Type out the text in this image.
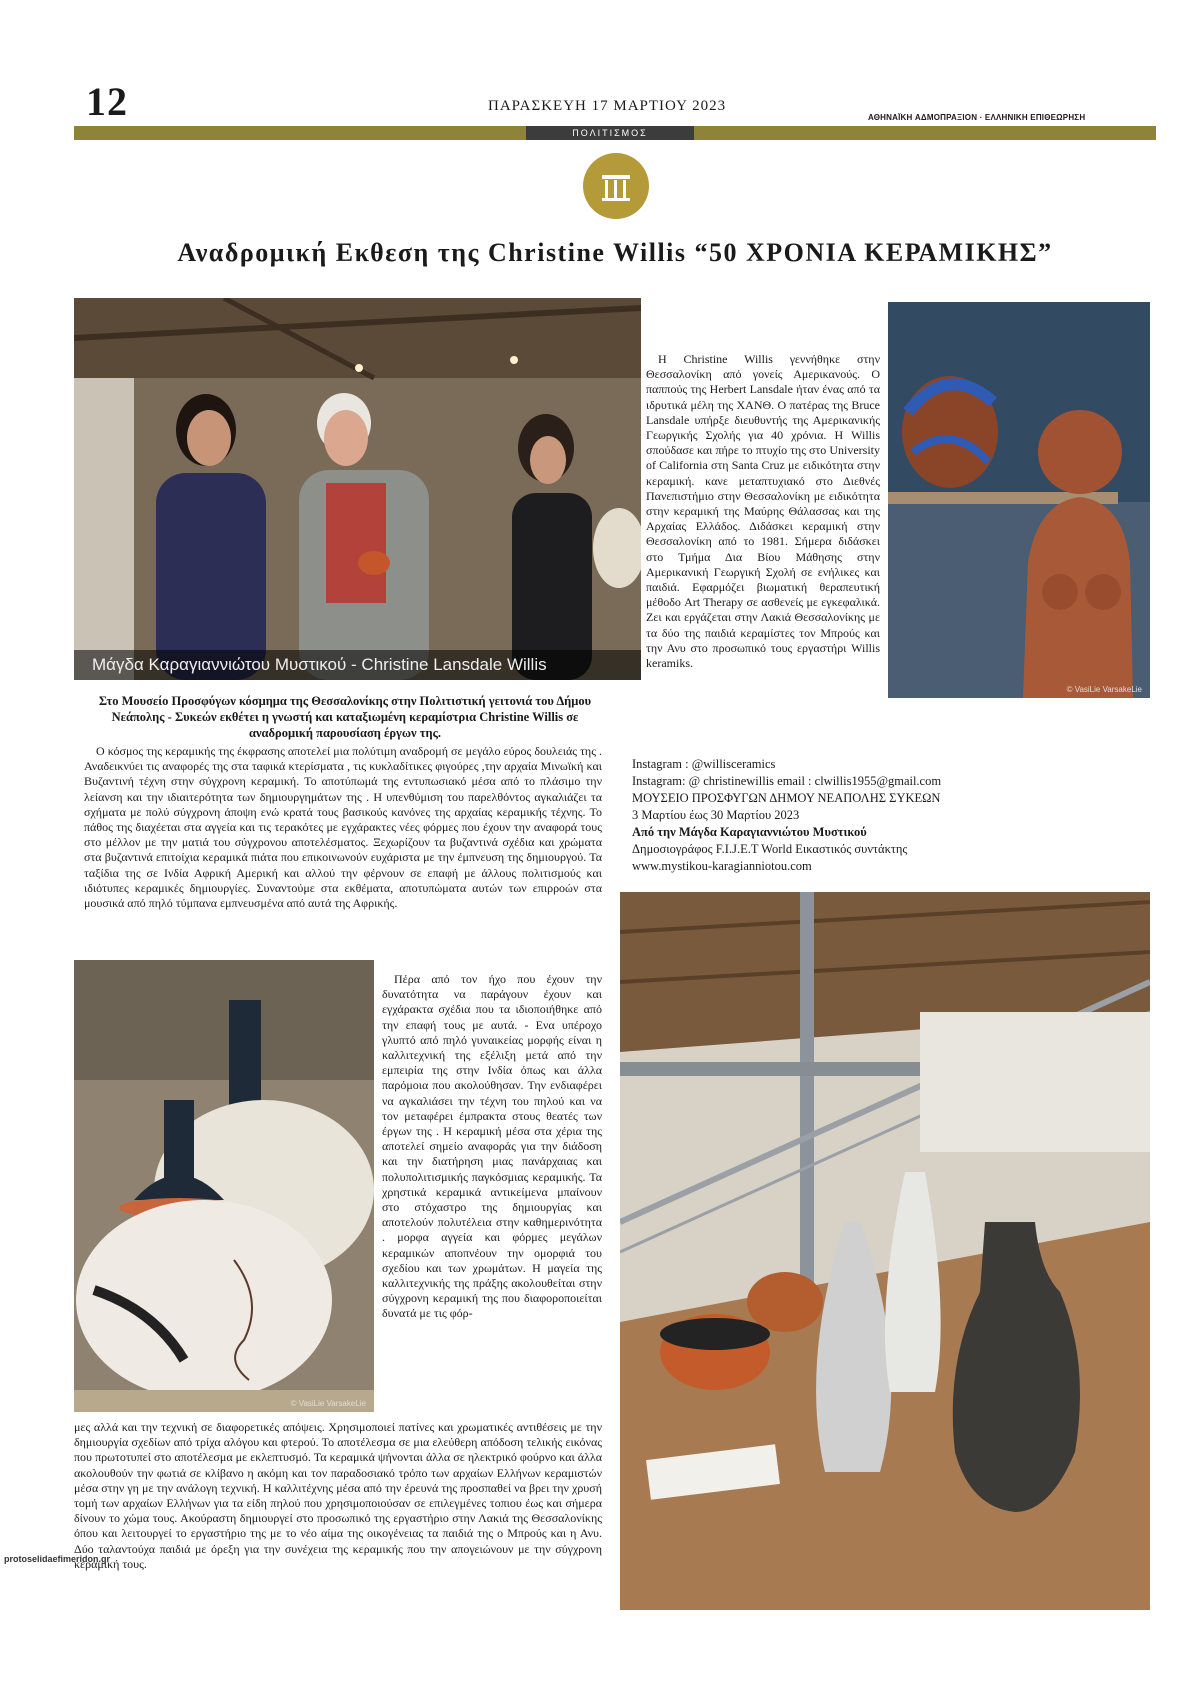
12	ΠΑΡΑΣΚΕΥΗ 17 ΜΑΡΤΙΟΥ 2023
ΑΘΗΝΑΪΚΗ ΑΔΜΟΠΡΑΞΙΟΝ · ΕΛΛΗΝΙΚΗ ΕΠΙΘΕΩΡΗΣΗ
ΠΟΛΙΤΙΣΜΟΣ
Αναδρομική Εκθεση της Christine Willis “50 ΧΡΟΝΙΑ ΚΕΡΑΜΙΚΗΣ”
Μάγδα Καραγιαννιώτου Μυστικού - Christine Lansdale Willis
© VasiLie VarsakeLie
© VasiLie VarsakeLie
Στο Μουσείο Προσφύγων κόσμημα της Θεσσαλονίκης στην Πολιτιστική γειτονιά του Δήμου Νεάπολης - Συκεών εκθέτει η γνωστή και καταξιωμένη κεραμίστρια Christine Willis σε αναδρομική παρουσίαση έργων της.
Ο κόσμος της κεραμικής της έκφρασης αποτελεί μια πολύτιμη αναδρομή σε μεγάλο εύρος δουλειάς της . Αναδεικνύει τις αναφορές της στα ταφικά κτερίσματα , τις κυκλαδίτικες φιγούρες ,την αρχαία Μινωϊκή και Βυζαντινή τέχνη στην σύγχρονη κεραμική. Το αποτύπωμά της εντυπωσιακό μέσα από το πλάσιμο την λείανση και την ιδιαιτερότητα των δημιουργημάτων της . Η υπενθύμιση του παρελθόντος αγκαλιάζει τα σχήματα με πολύ σύγχρονη άποψη ενώ κρατά τους βασικούς κανόνες της αρχαίας κεραμικής τέχνης. Το πάθος της διαχέεται στα αγγεία και τις τερακότες με εγχάρακτες νέες φόρμες που έχουν την αναφορά τους στο μέλλον με την ματιά του σύγχρονου αποτελέσματος. Ξεχωρίζουν τα βυζαντινά σχέδια και χρώματα στα βυζαντινά επιτοίχια κεραμικά πιάτα που επικοινωνούν ευχάριστα με την έμπνευση της δημιουργού. Τα ταξίδια της σε Ινδία Αφρική Αμερική και αλλού την φέρνουν σε επαφή με άλλους πολιτισμούς και ιδιότυπες κεραμικές δημιουργίες. Συναντούμε στα εκθέματα, αποτυπώματα αυτών των επιρροών στα μουσικά από πηλό τύμπανα εμπνευσμένα από αυτά της Αφρικής.
Πέρα από τον ήχο που έχουν την δυνατότητα να παράγουν έχουν και εγχάρακτα σχέδια που τα ιδιοποιήθηκε από την επαφή τους με αυτά. - Ενα υπέροχο γλυπτό από πηλό γυναικείας μορφής είναι η καλλιτεχνική της εξέλιξη μετά από την εμπειρία της στην Ινδία όπως και άλλα παρόμοια που ακολούθησαν. Την ενδιαφέρει να αγκαλιάσει την τέχνη του πηλού και να τον μεταφέρει έμπρακτα στους θεατές των έργων της . Η κεραμική μέσα στα χέρια της αποτελεί σημείο αναφοράς για την διάδοση και την διατήρηση μιας πανάρχαιας και πολυπολιτισμικής παγκόσμιας κεραμικής. Τα χρηστικά κεραμικά αντικείμενα μπαίνουν στο στόχαστρο της δημιουργίας και αποτελούν πολυτέλεια στην καθημερινότητα . μορφα αγγεία και φόρμες μεγάλων κεραμικών αποπνέουν την ομορφιά του σχεδίου και των χρωμάτων. Η μαγεία της καλλιτεχνικής της πράξης ακολουθείται στην σύγχρονη κεραμική της που διαφοροποιείται δυνατά με τις φόρ-
μες αλλά και την τεχνική σε διαφορετικές απόψεις. Χρησιμοποιεί πατίνες και χρωματικές αντιθέσεις με την δημιουργία σχεδίων από τρίχα αλόγου και φτερού. Το αποτέλεσμα σε μια ελεύθερη απόδοση τελικής εικόνας που πρωτοτυπεί στο αποτέλεσμα με εκλεπτυσμό. Τα κεραμικά ψήνονται άλλα σε ηλεκτρικό φούρνο και άλλα ακολουθούν την φωτιά σε κλίβανο η ακόμη και τον παραδοσιακό τρόπο των αρχαίων Ελλήνων κεραμιστών μέσα στην γη με την ανάλογη τεχνική. Η καλλιτέχνης μέσα από την έρευνά της προσπαθεί να βρει την χρυσή τομή των αρχαίων Ελλήνων για τα είδη πηλού που χρησιμοποιούσαν σε επιλεγμένες τοπιου έως και σήμερα δίνουν το χώμα τους. Ακούραστη δημιουργεί στο προσωπικό της εργαστήριο στην Λακιά της Θεσσαλονίκης όπου και λειτουργεί το εργαστήριο της με το νέο αίμα της οικογένειας τα παιδιά της ο Μπρούς και η Ανυ. Δύο ταλαντούχα παιδιά με όρεξη για την συνέχεια της κεραμικής που την απογειώνουν με την σύγχρονη κεραμική τους.
Η Christine Willis γεννήθηκε στην Θεσσαλονίκη από γονείς Αμερικανούς. Ο παππούς της Herbert Lansdale ήταν ένας από τα ιδρυτικά μέλη της ΧΑΝΘ. Ο πατέρας της Bruce Lansdale υπήρξε διευθυντής της Αμερικανικής Γεωργικής Σχολής για 40 χρόνια. Η Willis σπούδασε και πήρε το πτυχίο της στο University of California στη Santa Cruz με ειδικότητα στην κεραμική. κανε μεταπτυχιακό στο Διεθνές Πανεπιστήμιο στην Θεσσαλονίκη με ειδικότητα στην κεραμική της Μαύρης Θάλασσας και της Αρχαίας Ελλάδος. Διδάσκει κεραμική στην Θεσσαλονίκη από το 1981. Σήμερα διδάσκει στο Τμήμα Δια Βίου Μάθησης στην Αμερικανική Γεωργική Σχολή σε ενήλικες και παιδιά. Εφαρμόζει βιωματική θεραπευτική μέθοδο Art Therapy σε ασθενείς με εγκεφαλικά. Ζει και εργάζεται στην Λακιά Θεσσαλονίκης με τα δύο της παιδιά κεραμίστες τον Μπρούς και την Ανυ στο προσωπικό τους εργαστήρι Willis keramiks.
Instagram : @willisceramics
Instagram: @ christinewillis email : clwillis1955@gmail.com
ΜΟΥΣΕΙΟ ΠΡΟΣΦΥΓΩΝ ΔΗΜΟΥ ΝΕΑΠΟΛΗΣ ΣΥΚΕΩΝ
3 Μαρτίου έως 30 Μαρτίου 2023
Από την Μάγδα Καραγιαννιώτου Μυστικού
Δημοσιογράφος F.I.J.E.T World Εικαστικός συντάκτης
www.mystikou-karagianniotou.com
protoselidaefimeridon.gr
